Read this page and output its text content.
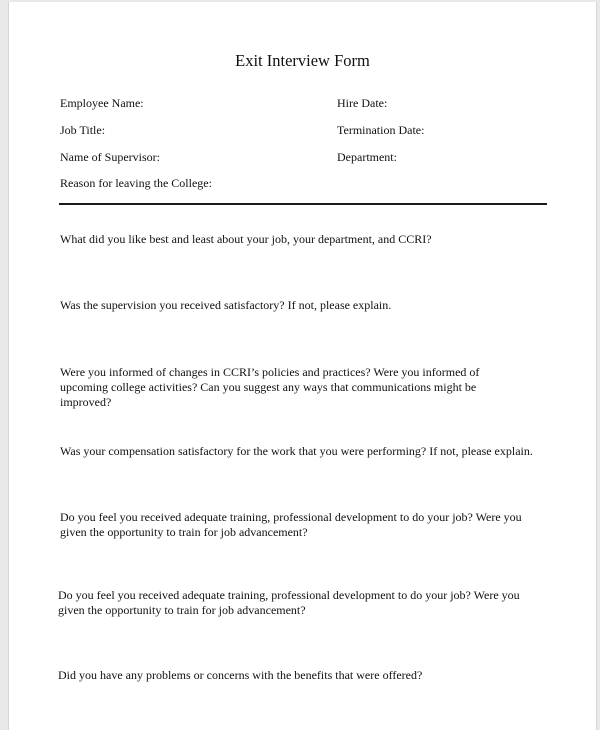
Exit Interview Form
Employee Name:	Hire Date:
Job Title:	Termination Date:
Name of Supervisor:	Department:
Reason for leaving the College:
What did you like best and least about your job, your department, and CCRI?
Was the supervision you received satisfactory? If not, please explain.
Were you informed of changes in CCRI’s policies and practices? Were you informed of upcoming college activities? Can you suggest any ways that communications might be improved?
Was your compensation satisfactory for the work that you were performing? If not, please explain.
Do you feel you received adequate training, professional development to do your job? Were you given the opportunity to train for job advancement?
Do you feel you received adequate training, professional development to do your job? Were you given the opportunity to train for job advancement?
Did you have any problems or concerns with the benefits that were offered?
